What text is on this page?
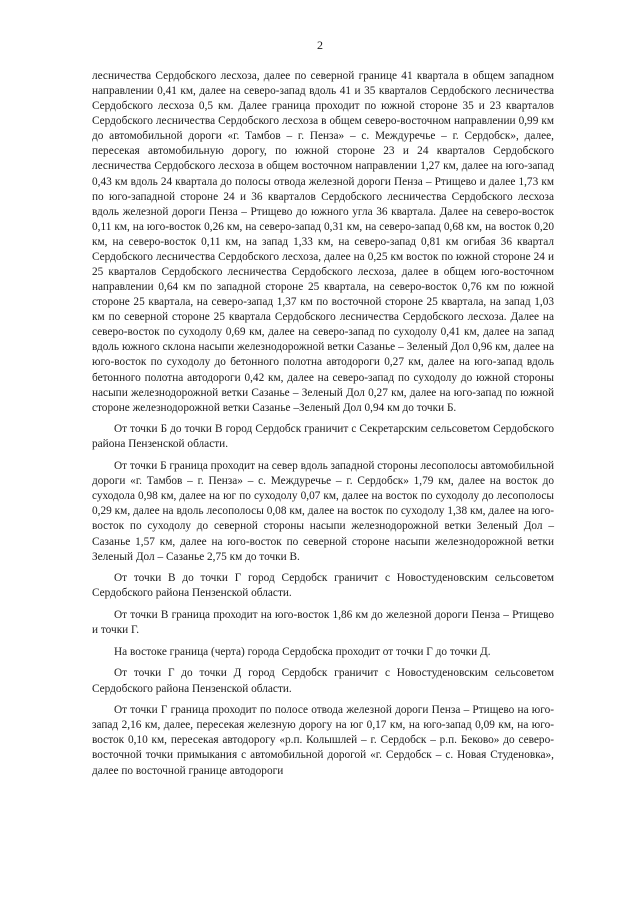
2

лесничества Сердобского лесхоза, далее по северной границе 41 квартала в общем западном направлении 0,41 км, далее на северо-запад вдоль 41 и 35 кварталов Сердобского лесничества Сердобского лесхоза 0,5 км. Далее граница проходит по южной стороне 35 и 23 кварталов Сердобского лесничества Сердобского лесхоза в общем северо-восточном направлении 0,99 км до автомобильной дороги «г. Тамбов – г. Пенза» – с. Междуречье – г. Сердобск», далее, пересекая автомобильную дорогу, по южной стороне 23 и 24 кварталов Сердобского лесничества Сердобского лесхоза в общем восточном направлении 1,27 км, далее на юго-запад 0,43 км вдоль 24 квартала до полосы отвода железной дороги Пенза – Ртищево и далее 1,73 км по юго-западной стороне 24 и 36 кварталов Сердобского лесничества Сердобского лесхоза вдоль железной дороги Пенза – Ртищево до южного угла 36 квартала. Далее на северо-восток 0,11 км, на юго-восток 0,26 км, на северо-запад 0,31 км, на северо-запад 0,68 км, на восток 0,20 км, на северо-восток 0,11 км, на запад 1,33 км, на северо-запад 0,81 км огибая 36 квартал Сердобского лесничества Сердобского лесхоза, далее на 0,25 км восток по южной стороне 24 и 25 кварталов Сердобского лесничества Сердобского лесхоза, далее в общем юго-восточном направлении 0,64 км по западной стороне 25 квартала, на северо-восток 0,76 км по южной стороне 25 квартала, на северо-запад 1,37 км по восточной стороне 25 квартала, на запад 1,03 км по северной стороне 25 квартала Сердобского лесничества Сердобского лесхоза. Далее на северо-восток по суходолу 0,69 км, далее на северо-запад по суходолу 0,41 км, далее на запад вдоль южного склона насыпи железнодорожной ветки Сазанье – Зеленый Дол 0,96 км, далее на юго-восток по суходолу до бетонного полотна автодороги 0,27 км, далее на юго-запад вдоль бетонного полотна автодороги 0,42 км, далее на северо-запад по суходолу до южной стороны насыпи железнодорожной ветки Сазанье – Зеленый Дол 0,27 км, далее на юго-запад по южной стороне железнодорожной ветки Сазанье –Зеленый Дол 0,94 км до точки Б.

От точки Б до точки В город Сердобск граничит с Секретарским сельсоветом Сердобского района Пензенской области.

От точки Б граница проходит на север вдоль западной стороны лесополосы автомобильной дороги «г. Тамбов – г. Пенза» – с. Междуречье – г. Сердобск» 1,79 км, далее на восток до суходола 0,98 км, далее на юг по суходолу 0,07 км, далее на восток по суходолу до лесополосы 0,29 км, далее на вдоль лесополосы 0,08 км, далее на восток по суходолу 1,38 км, далее на юго-восток по суходолу до северной стороны насыпи железнодорожной ветки Зеленый Дол – Сазанье 1,57 км, далее на юго-восток по северной стороне насыпи железнодорожной ветки Зеленый Дол – Сазанье 2,75 км до точки В.

От точки В до точки Г город Сердобск граничит с Новостуденовским сельсоветом Сердобского района Пензенской области.

От точки В граница проходит на юго-восток 1,86 км до железной дороги Пенза – Ртищево и точки Г.

На востоке граница (черта) города Сердобска проходит от точки Г до точки Д.

От точки Г до точки Д город Сердобск граничит с Новостуденовским сельсоветом Сердобского района Пензенской области.

От точки Г граница проходит по полосе отвода железной дороги Пенза – Ртищево на юго-запад 2,16 км, далее, пересекая железную дорогу на юг 0,17 км, на юго-запад 0,09 км, на юго-восток 0,10 км, пересекая автодорогу «р.п. Колышлей – г. Сердобск – р.п. Беково» до северо-восточной точки примыкания с автомобильной дорогой «г. Сердобск – с. Новая Студеновка», далее по восточной границе автодороги
